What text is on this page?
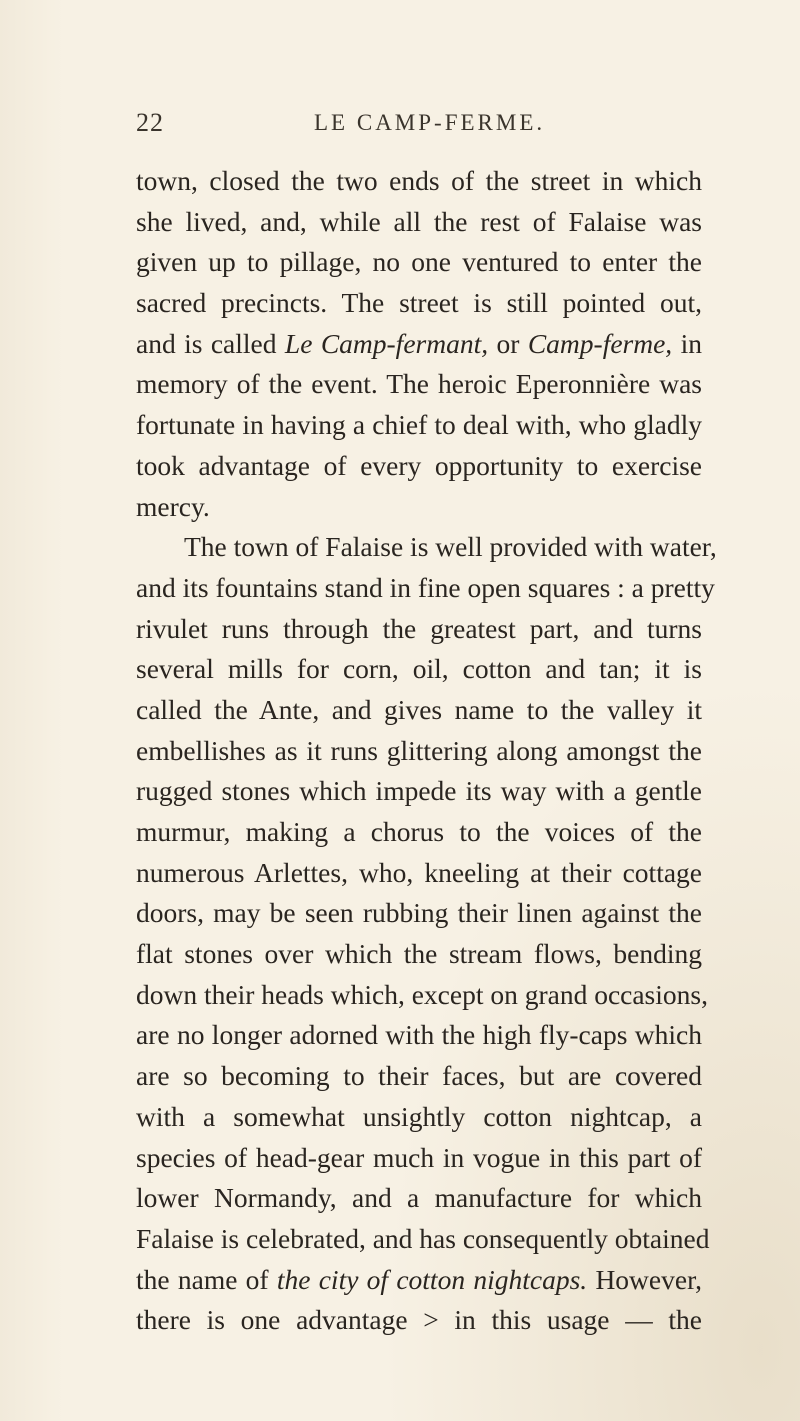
22	LE CAMP-FERME.
town, closed the two ends of the street in which
she lived, and, while all the rest of Falaise was
given up to pillage, no one ventured to enter the
sacred precincts. The street is still pointed out,
and is called Le Camp-fermant, or Camp-ferme, in
memory of the event. The heroic Eperonnière was
fortunate in having a chief to deal with, who gladly
took advantage of every opportunity to exercise
mercy.
The town of Falaise is well provided with water,
and its fountains stand in fine open squares : a pretty
rivulet runs through the greatest part, and turns
several mills for corn, oil, cotton and tan; it is
called the Ante, and gives name to the valley it
embellishes as it runs glittering along amongst the
rugged stones which impede its way with a gentle
murmur, making a chorus to the voices of the
numerous Arlettes, who, kneeling at their cottage
doors, may be seen rubbing their linen against the
flat stones over which the stream flows, bending
down their heads which, except on grand occasions,
are no longer adorned with the high fly-caps which
are so becoming to their faces, but are covered
with a somewhat unsightly cotton nightcap, a
species of head-gear much in vogue in this part of
lower Normandy, and a manufacture for which
Falaise is celebrated, and has consequently obtained
the name of the city of cotton nightcaps. However,
there is one advantage ˃ in this usage — the
